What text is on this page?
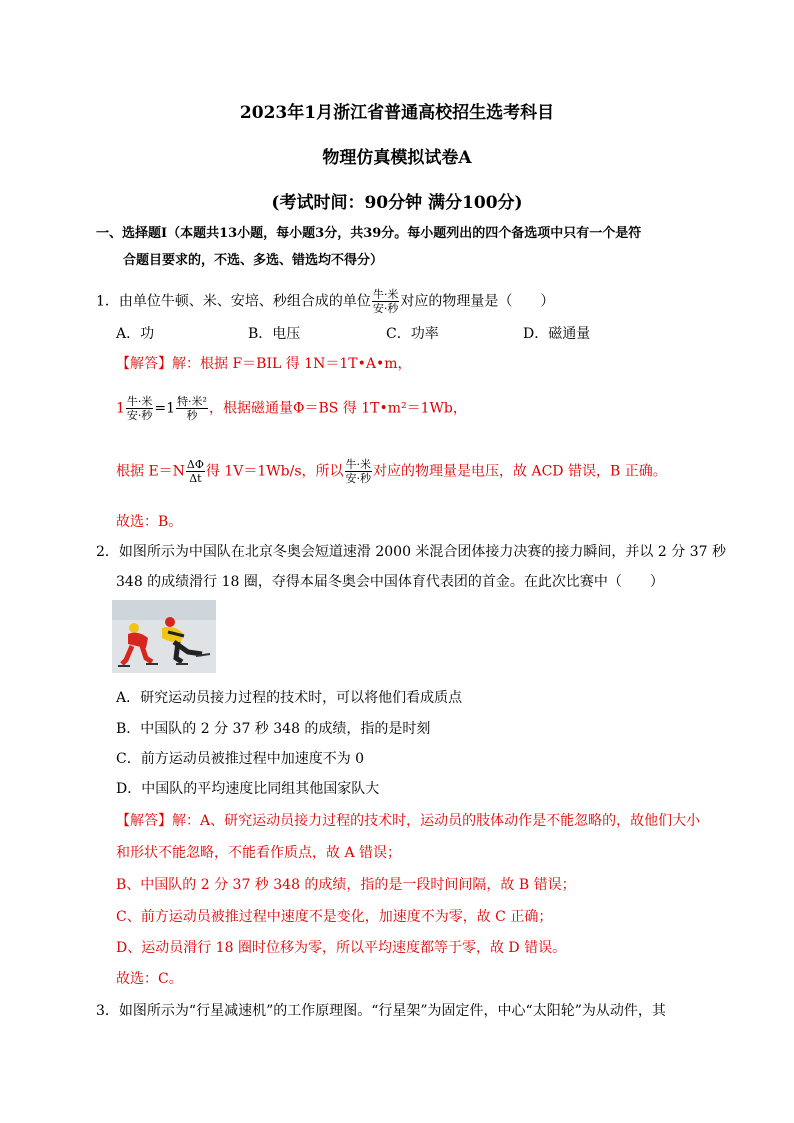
2023年1月浙江省普通高校招生选考科目
物理仿真模拟试卷A
(考试时间：90分钟 满分100分)
一、选择题Ⅰ（本题共13小题，每小题3分，共39分。每小题列出的四个备选项中只有一个是符
合题目要求的，不选、多选、错选均不得分）
1．由单位牛顿、米、安培、秒组合成的单位 $\frac{\text{牛·米}}{\text{安·秒}}$ 对应的物理量是（　　）
A．功	B．电压	C．功率	D．磁通量
【解答】解：根据 F＝BIL 得 1N＝1T•A•m，
$1 \frac{\text{牛·米}}{\text{安·秒}} =1 \frac{\text{特·米²}}{\text{秒}}$ ，根据磁通量Φ＝BS 得 1T•m²＝1Wb，
根据 $E=N \frac{\Delta\Phi}{\Delta t}$ 得 1V＝1Wb/s，所以 $\frac{\text{牛·米}}{\text{安·秒}}$ 对应的物理量是电压，故 ACD 错误，B 正确。
故选：B。
2．如图所示为中国队在北京冬奥会短道速滑 2000 米混合团体接力决赛的接力瞬间，并以 2 分 37 秒
348 的成绩滑行 18 圈，夺得本届冬奥会中国体育代表团的首金。在此次比赛中（　　）
A．研究运动员接力过程的技术时，可以将他们看成质点
B．中国队的 2 分 37 秒 348 的成绩，指的是时刻
C．前方运动员被推过程中加速度不为 0
D．中国队的平均速度比同组其他国家队大
【解答】解：A、研究运动员接力过程的技术时，运动员的肢体动作是不能忽略的，故他们大小
和形状不能忽略，不能看作质点，故 A 错误；
B、中国队的 2 分 37 秒 348 的成绩，指的是一段时间间隔，故 B 错误；
C、前方运动员被推过程中速度不是变化，加速度不为零，故 C 正确；
D、运动员滑行 18 圈时位移为零，所以平均速度都等于零，故 D 错误。
故选：C。
3．如图所示为“行星减速机”的工作原理图。“行星架”为固定件，中心“太阳轮”为从动件，其
